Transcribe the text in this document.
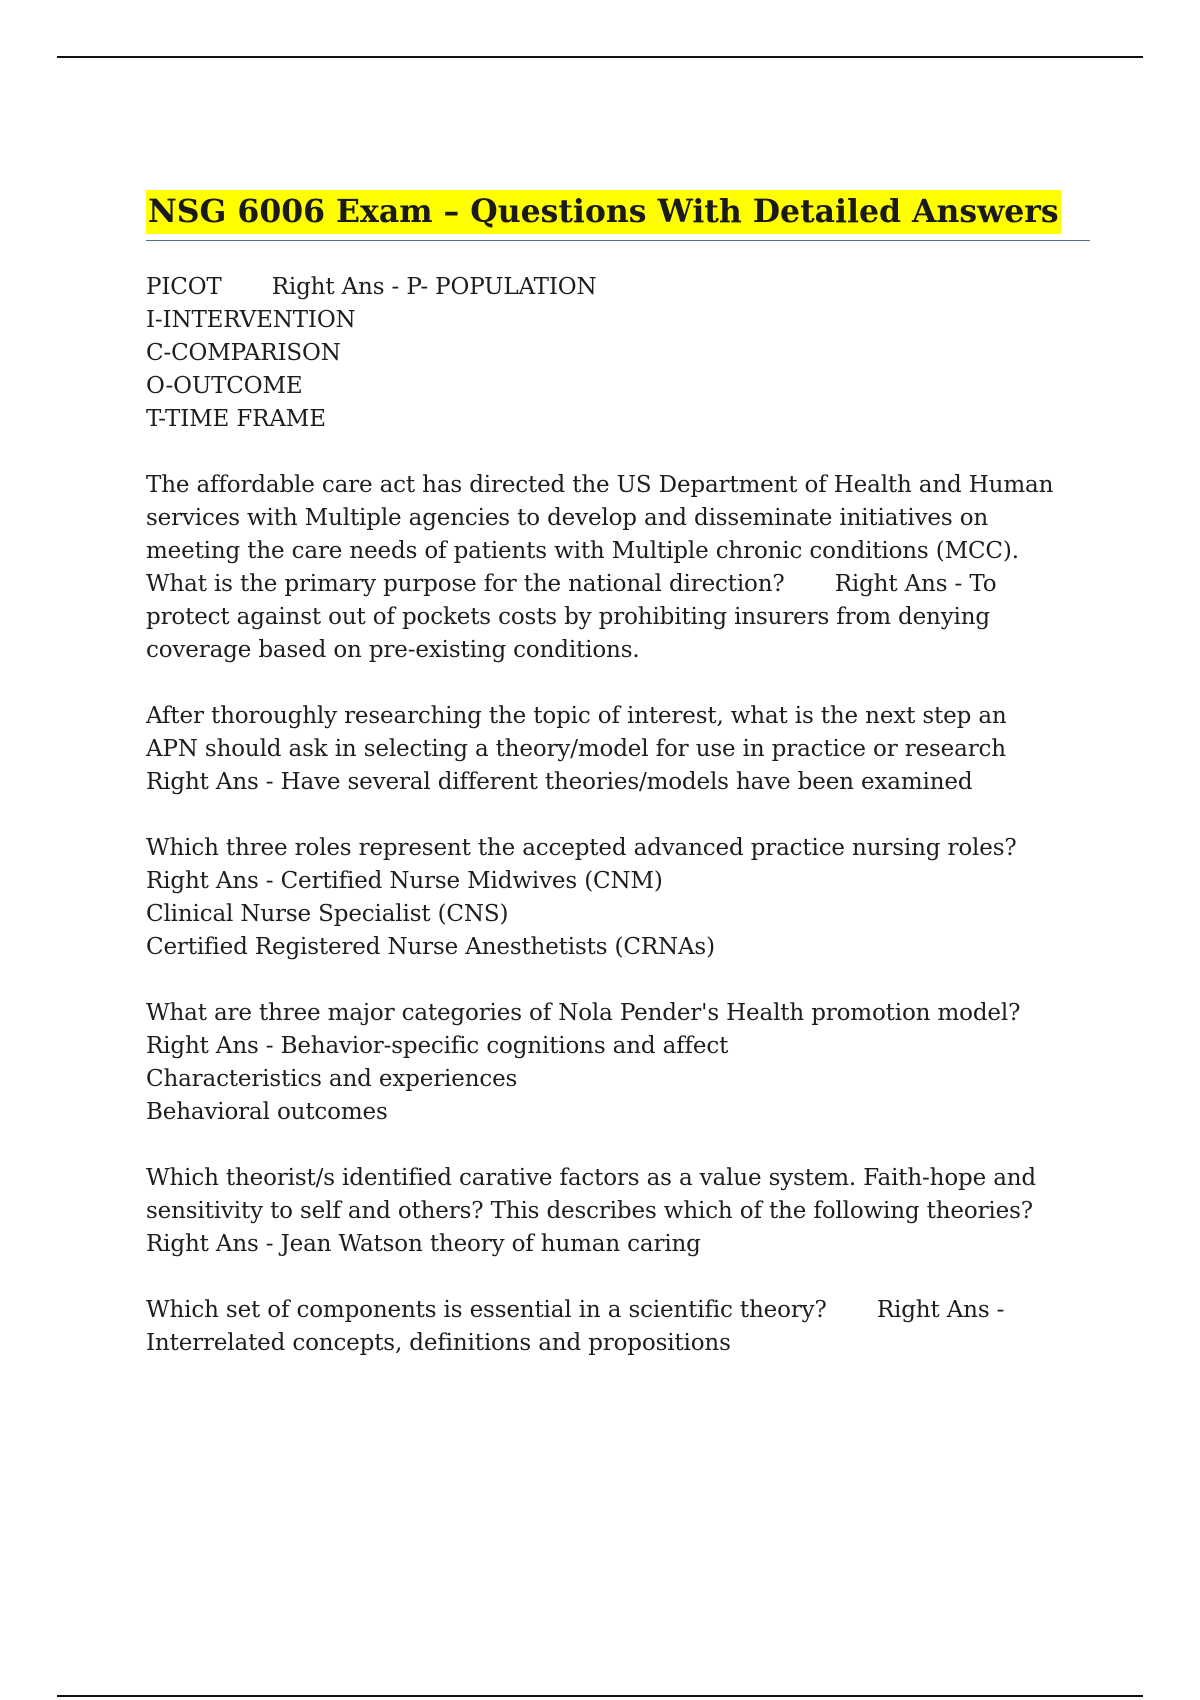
NSG 6006 Exam – Questions With Detailed Answers

PICOT       Right Ans - P- POPULATION
I-INTERVENTION
C-COMPARISON
O-OUTCOME
T-TIME FRAME

The affordable care act has directed the US Department of Health and Human
services with Multiple agencies to develop and disseminate initiatives on
meeting the care needs of patients with Multiple chronic conditions (MCC).
What is the primary purpose for the national direction?       Right Ans - To
protect against out of pockets costs by prohibiting insurers from denying
coverage based on pre-existing conditions.

After thoroughly researching the topic of interest, what is the next step an
APN should ask in selecting a theory/model for use in practice or research
Right Ans - Have several different theories/models have been examined

Which three roles represent the accepted advanced practice nursing roles?
Right Ans - Certified Nurse Midwives (CNM)
Clinical Nurse Specialist (CNS)
Certified Registered Nurse Anesthetists (CRNAs)

What are three major categories of Nola Pender's Health promotion model?
Right Ans - Behavior-specific cognitions and affect
Characteristics and experiences
Behavioral outcomes

Which theorist/s identified carative factors as a value system. Faith-hope and
sensitivity to self and others? This describes which of the following theories?
Right Ans - Jean Watson theory of human caring

Which set of components is essential in a scientific theory?       Right Ans -
Interrelated concepts, definitions and propositions
